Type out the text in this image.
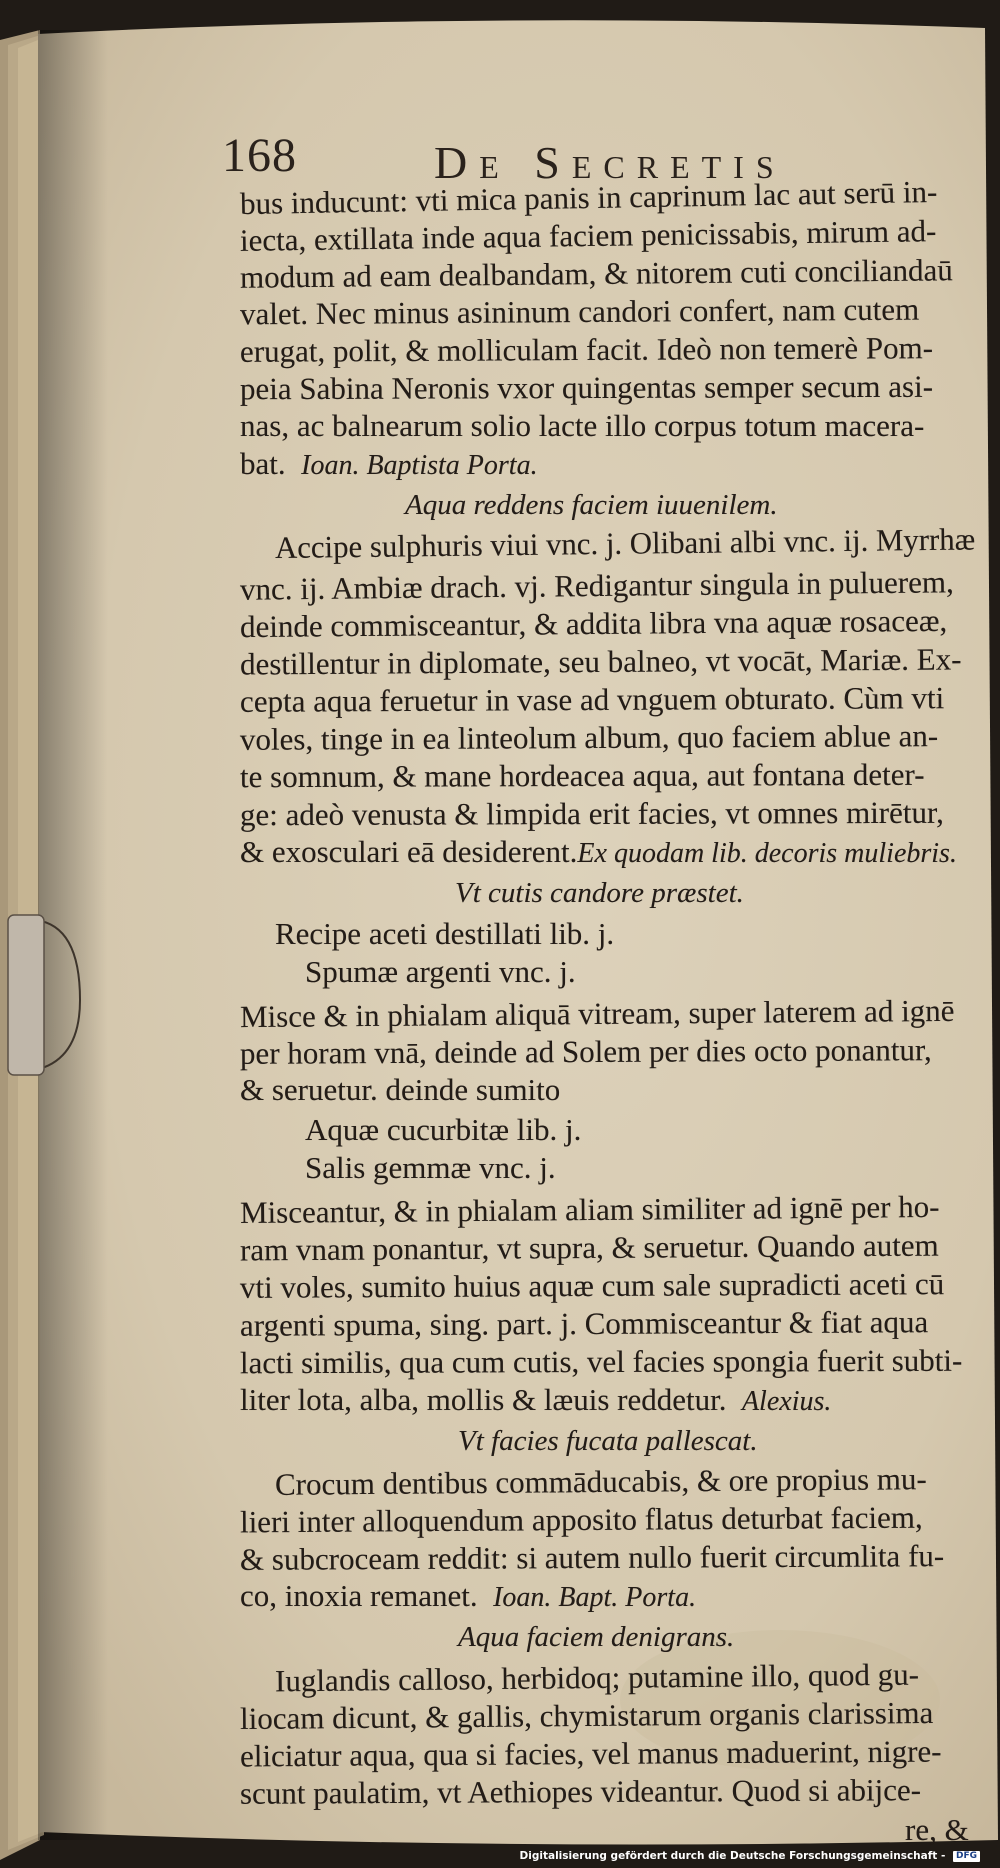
168	De Secretis
bus inducunt: vti mica panis in caprinum lac aut serū in-
iecta, extillata inde aqua faciem penicissabis, mirum ad-
modum ad eam dealbandam, & nitorem cuti conciliandaū
valet. Nec minus asininum candori confert, nam cutem
erugat, polit, & molliculam facit. Ideò non temerè Pom-
peia Sabina Neronis vxor quingentas semper secum asi-
nas, ac balnearum solio lacte illo corpus totum macera-
bat. Ioan. Baptista Porta.
Aqua reddens faciem iuuenilem.
Accipe sulphuris viui vnc. j. Olibani albi vnc. ij. Myrrhæ
vnc. ij. Ambiæ drach. vj. Redigantur singula in puluerem,
deinde commisceantur, & addita libra vna aquæ rosaceæ,
destillentur in diplomate, seu balneo, vt vocāt, Mariæ. Ex-
cepta aqua feruetur in vase ad vnguem obturato. Cùm vti
voles, tinge in ea linteolum album, quo faciem ablue an-
te somnum, & mane hordeacea aqua, aut fontana deter-
ge: adeò venusta & limpida erit facies, vt omnes mirētur,
& exosculari eā desiderent.Ex quodam lib. decoris muliebris.
Vt cutis candore præstet.
Recipe aceti destillati lib. j.
Spumæ argenti vnc. j.
Misce & in phialam aliquā vitream, super laterem ad ignē
per horam vnā, deinde ad Solem per dies octo ponantur,
& seruetur. deinde sumito
Aquæ cucurbitæ lib. j.
Salis gemmæ vnc. j.
Misceantur, & in phialam aliam similiter ad ignē per ho-
ram vnam ponantur, vt supra, & seruetur. Quando autem
vti voles, sumito huius aquæ cum sale supradicti aceti cū
argenti spuma, sing. part. j. Commisceantur & fiat aqua
lacti similis, qua cum cutis, vel facies spongia fuerit subti-
liter lota, alba, mollis & læuis reddetur. Alexius.
Vt facies fucata pallescat.
Crocum dentibus commāducabis, & ore propius mu-
lieri inter alloquendum apposito flatus deturbat faciem,
& subcroceam reddit: si autem nullo fuerit circumlita fu-
co, inoxia remanet. Ioan. Bapt. Porta.
Aqua faciem denigrans.
Iuglandis calloso, herbidoq; putamine illo, quod gu-
liocam dicunt, & gallis, chymistarum organis clarissima
eliciatur aqua, qua si facies, vel manus maduerint, nigre-
scunt paulatim, vt Aethiopes videantur. Quod si abijce-
re, &
Digitalisierung gefördert durch die Deutsche Forschungsgemeinschaft - DFG
